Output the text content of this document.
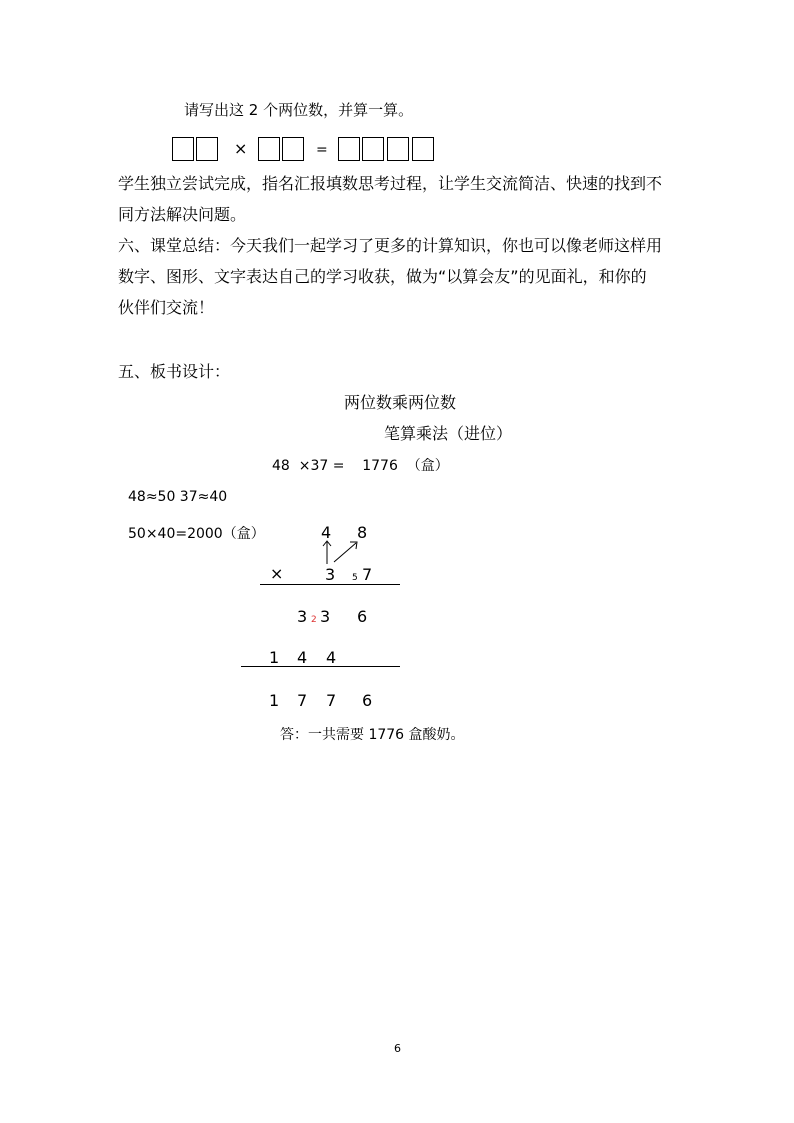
请写出这 2 个两位数，并算一算。
×	=
学生独立尝试完成，指名汇报填数思考过程，让学生交流简洁、快速的找到不
同方法解决问题。
六、课堂总结：今天我们一起学习了更多的计算知识，你也可以像老师这样用
数字、图形、文字表达自己的学习收获，做为“以算会友”的见面礼，和你的
伙伴们交流！
五、板书设计：
两位数乘两位数
笔算乘法（进位）
48  ×37 =    1776  （盒）
48≈50 37≈40
50×40=2000（盒）	4 8
×	3 5 7
3 2 3 6
1 4 4
1 7 7 6
答：一共需要 1776 盒酸奶。
6
